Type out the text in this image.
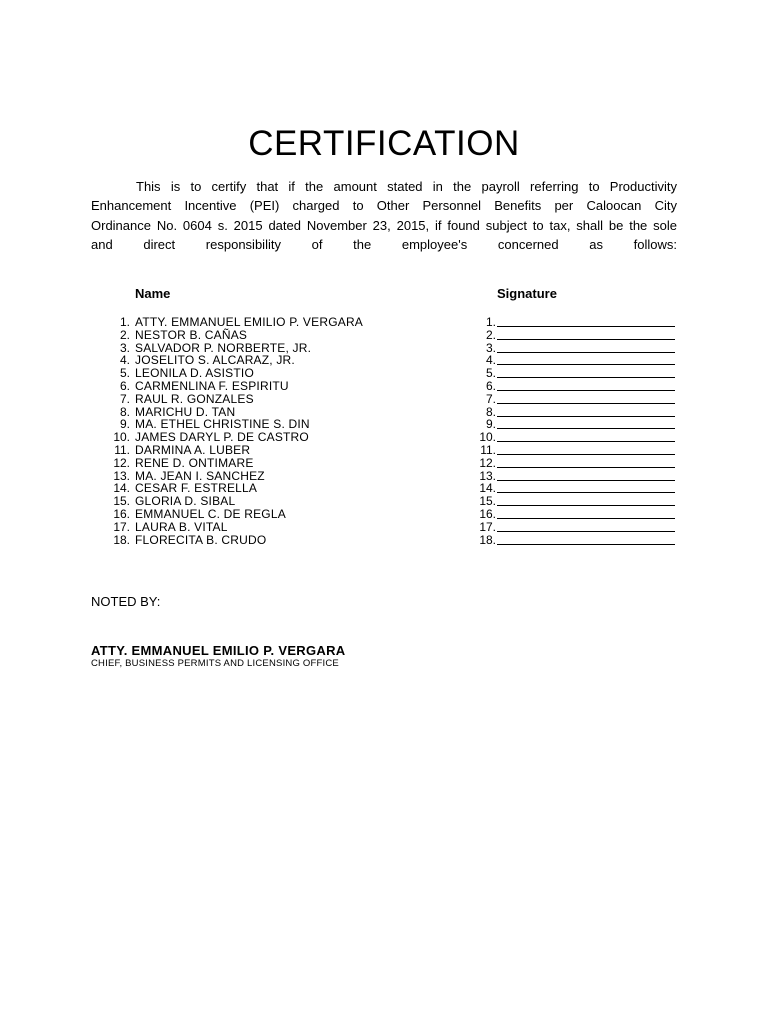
CERTIFICATION
This is to certify that if the amount stated in the payroll referring to Productivity
Enhancement Incentive (PEI) charged to Other Personnel Benefits per Caloocan City
Ordinance No. 0604 s. 2015 dated November 23, 2015, if found subject to tax, shall be the sole
and direct responsibility of the employee's concerned as follows:
Name	Signature
1. ATTY. EMMANUEL EMILIO P. VERGARA	1.
2. NESTOR B. CAÑAS	2.
3. SALVADOR P. NORBERTE, JR.	3.
4. JOSELITO S. ALCARAZ, JR.	4.
5. LEONILA D. ASISTIO	5.
6. CARMENLINA F. ESPIRITU	6.
7. RAUL R. GONZALES	7.
8. MARICHU D. TAN	8.
9. MA. ETHEL CHRISTINE S. DIN	9.
10. JAMES DARYL P. DE CASTRO	10.
11. DARMINA A. LUBER	11.
12. RENE D. ONTIMARE	12.
13. MA. JEAN I. SANCHEZ	13.
14. CESAR F. ESTRELLA	14.
15. GLORIA D. SIBAL	15.
16. EMMANUEL C. DE REGLA	16.
17. LAURA B. VITAL	17.
18. FLORECITA B. CRUDO	18.
NOTED BY:
ATTY. EMMANUEL EMILIO P. VERGARA
CHIEF, BUSINESS PERMITS AND LICENSING OFFICE
